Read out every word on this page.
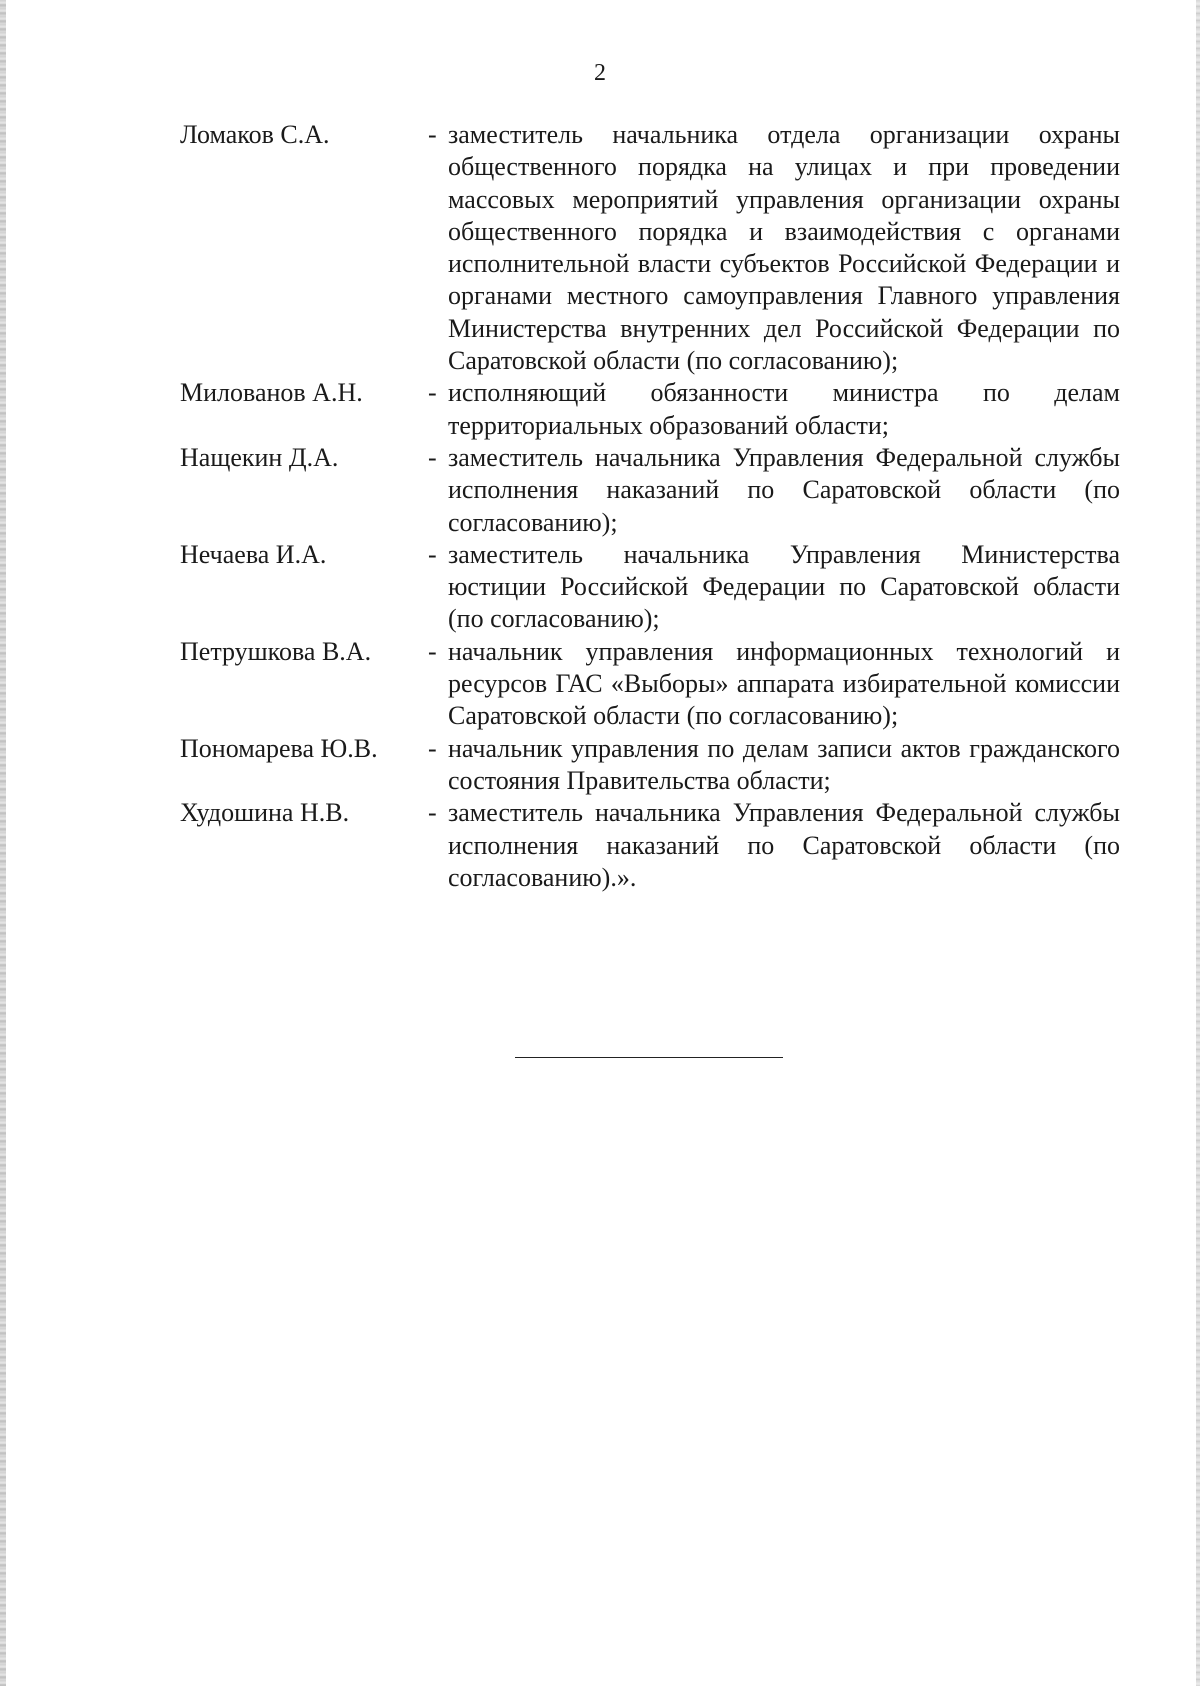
2
Ломаков С.А.	- заместитель начальника отдела организации охраны общественного порядка на улицах и при проведении массовых мероприятий управления организации охраны общественного порядка и взаимодействия с органами исполнительной власти субъектов Российской Федерации и органами местного самоуправления Главного управления Министерства внутренних дел Российской Федерации по Саратовской области (по согласованию);
Милованов А.Н.	- исполняющий обязанности министра по делам территориальных образований области;
Нащекин Д.А.	- заместитель начальника Управления Федеральной службы исполнения наказаний по Саратовской области (по согласованию);
Нечаева И.А.	- заместитель начальника Управления Министерства юстиции Российской Федерации по Саратовской области (по согласованию);
Петрушкова В.А.	- начальник управления информационных технологий и ресурсов ГАС «Выборы» аппарата избирательной комиссии Саратовской области (по согласованию);
Пономарева Ю.В.	- начальник управления по делам записи актов гражданского состояния Правительства области;
Худошина Н.В.	- заместитель начальника Управления Федеральной службы исполнения наказаний по Саратовской области (по согласованию).».
